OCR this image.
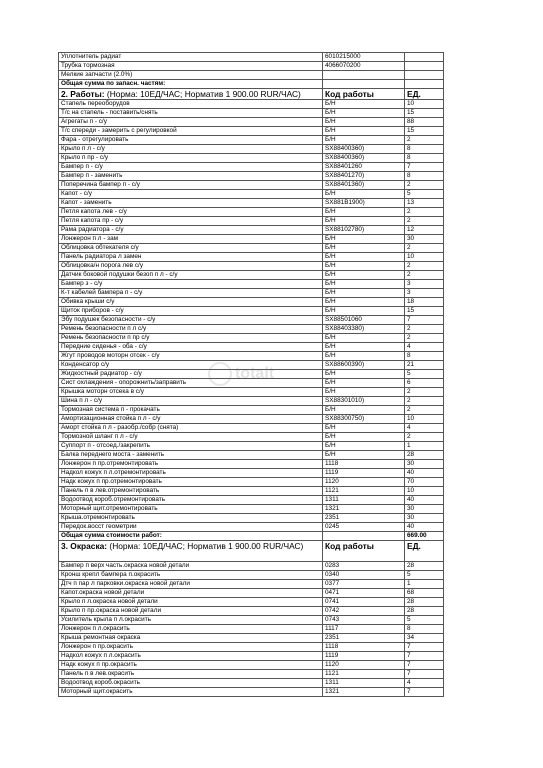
Уплотнитель радиат	6010215000	
Трубка тормозная	4066070200	
Мелкие запчасти (2.0%)		
Общая сумма по запасн. частям:		
2. Работы: (Норма: 10ЕД/ЧАС; Норматив 1 900.00 RUR/ЧАС)	Код работы	ЕД.
Стапель переоборудов	Б/Н	10
Т/с на стапель - поставить/снять	Б/Н	15
Агрегаты п - с/у	Б/Н	88
Т/с спереди - замерить с регулировкой	Б/Н	15
Фара - отрегулировать	Б/Н	2
Крыло п л - с/у	SX88400360)	8
Крыло п пр - с/у	SX88400360)	8
Бампер п - с/у	SX88401260	7
Бампер п - заменить	SX88401270)	8
Поперечина бампер п - с/у	SX88401360)	2
Капот - с/у	Б/Н	5
Капот - заменить	SX881B1900)	13
Петля капота лев - с/у	Б/Н	2
Петля капота пр - с/у	Б/Н	2
Рама радиатора - с/у	SX88102780)	12
Лонжерон п л - зам	Б/Н	30
Облицовка обтекателя с/у	Б/Н	2
Панель радиатора л замен	Б/Н	10
Облицовка/н порога лев с/у	Б/Н	2
Датчик боковой подушки безоп п л - с/у	Б/Н	2
Бампер з - с/у	Б/Н	3
К-т кабелей бампера п - с/у	Б/Н	3
Обивка крыши с/у	Б/Н	18
Щиток приборов - с/у	Б/Н	15
Эбу подушек безопасности - с/у	SX88501060	7
Ремень безопасности п л с/у	SX88403380)	2
Ремень безопасности п пр с/у	Б/Н	2
Передние сиденья - оба - с/у	Б/Н	4
Жгут проводов моторн отсек - с/у	Б/Н	8
Конденсатор с/у	SX88600390)	21
Жидкостный радиатор - с/у	Б/Н	5
Сист охлаждения - опорожнить/заправить	Б/Н	6
Крышка моторн отсека в с/у	Б/Н	2
Шина п л - с/у	SX88301010)	2
Тормозная система п - прокачать	Б/Н	2
Амортизационная стойка п л - с/у	SX88300750)	10
Аморт стойка п л - разобр./собр (снята)	Б/Н	4
Тормозной шланг п л - с/у	Б/Н	2
Суппорт п - отсоед./закрепить	Б/Н	1
Балка переднего моста - заменить	Б/Н	28
Лонжерон п пр.отремонтировать	1118	30
Надкол кожух п л.отремонтировать	1119	40
Надк кожух п пр.отремонтировать	1120	70
Панель п в лев.отремонтировать	1121	10
Водоотвод короб.отремонтировать	1311	40
Моторный щит.отремонтировать	1321	30
Крыша.отремонтировать	2351	30
Передок.восст геометрии	0245	40
Общая сумма стоимости работ:		669.00
3. Окраска: (Норма: 10ЕД/ЧАС; Норматив 1 900.00 RUR/ЧАС)	Код работы	ЕД.
Бампер п верх часть.окраска новой детали	0283	28
Кронш крепл бампера п.окрасить	0340	5
Дтч п пар л парковки.окраска новой детали	0377	1
Капот.окраска новой детали	0471	68
Крыло п л.окраска новой детали	0741	28
Крыло п пр.окраска новой детали	0742	28
Усилитель крыла п л.окрасить	0743	5
Лонжерон п л.окрасить	1117	8
Крыша ремонтная окраска	2351	34
Лонжерон п пр.окрасить	1118	7
Надкол кожух п л.окрасить	1119	7
Надк кожух п пр.окрасить	1120	7
Панель п в лев.окрасить	1121	7
Водоотвод короб.окрасить	1311	4
Моторный щит.окрасить	1321	7
totalt
